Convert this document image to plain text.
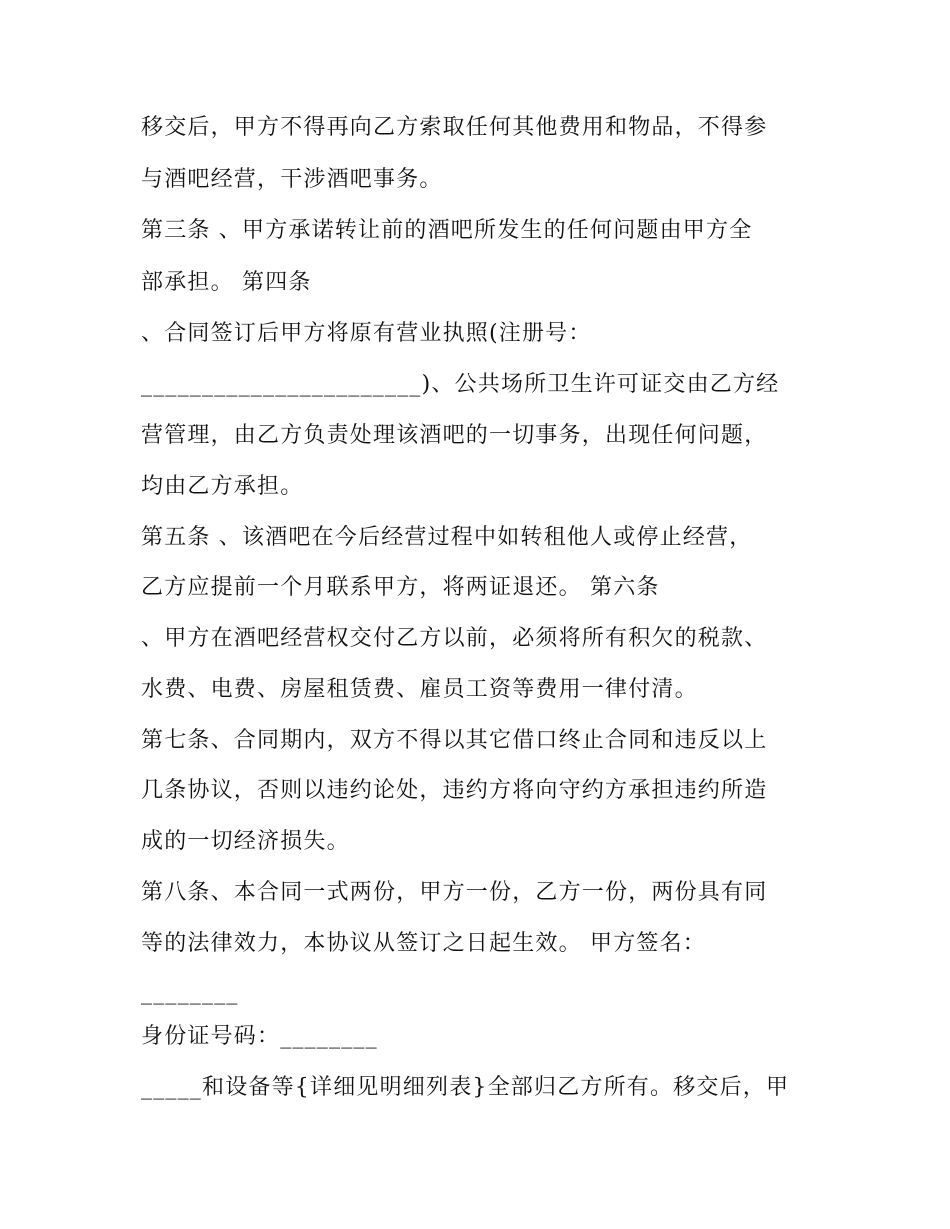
移交后，甲方不得再向乙方索取任何其他费用和物品，不得参
与酒吧经营，干涉酒吧事务。
第三条 、甲方承诺转让前的酒吧所发生的任何问题由甲方全
部承担。 第四条
、合同签订后甲方将原有营业执照(注册号：
_______________________)、公共场所卫生许可证交由乙方经
营管理，由乙方负责处理该酒吧的一切事务，出现任何问题，
均由乙方承担。
第五条 、该酒吧在今后经营过程中如转租他人或停止经营，
乙方应提前一个月联系甲方，将两证退还。 第六条
、甲方在酒吧经营权交付乙方以前，必须将所有积欠的税款、
水费、电费、房屋租赁费、雇员工资等费用一律付清。
第七条、合同期内，双方不得以其它借口终止合同和违反以上
几条协议，否则以违约论处，违约方将向守约方承担违约所造
成的一切经济损失。
第八条、本合同一式两份，甲方一份，乙方一份，两份具有同
等的法律效力，本协议从签订之日起生效。 甲方签名：
________
身份证号码：________
_____和设备等{详细见明细列表}全部归乙方所有。移交后，甲
